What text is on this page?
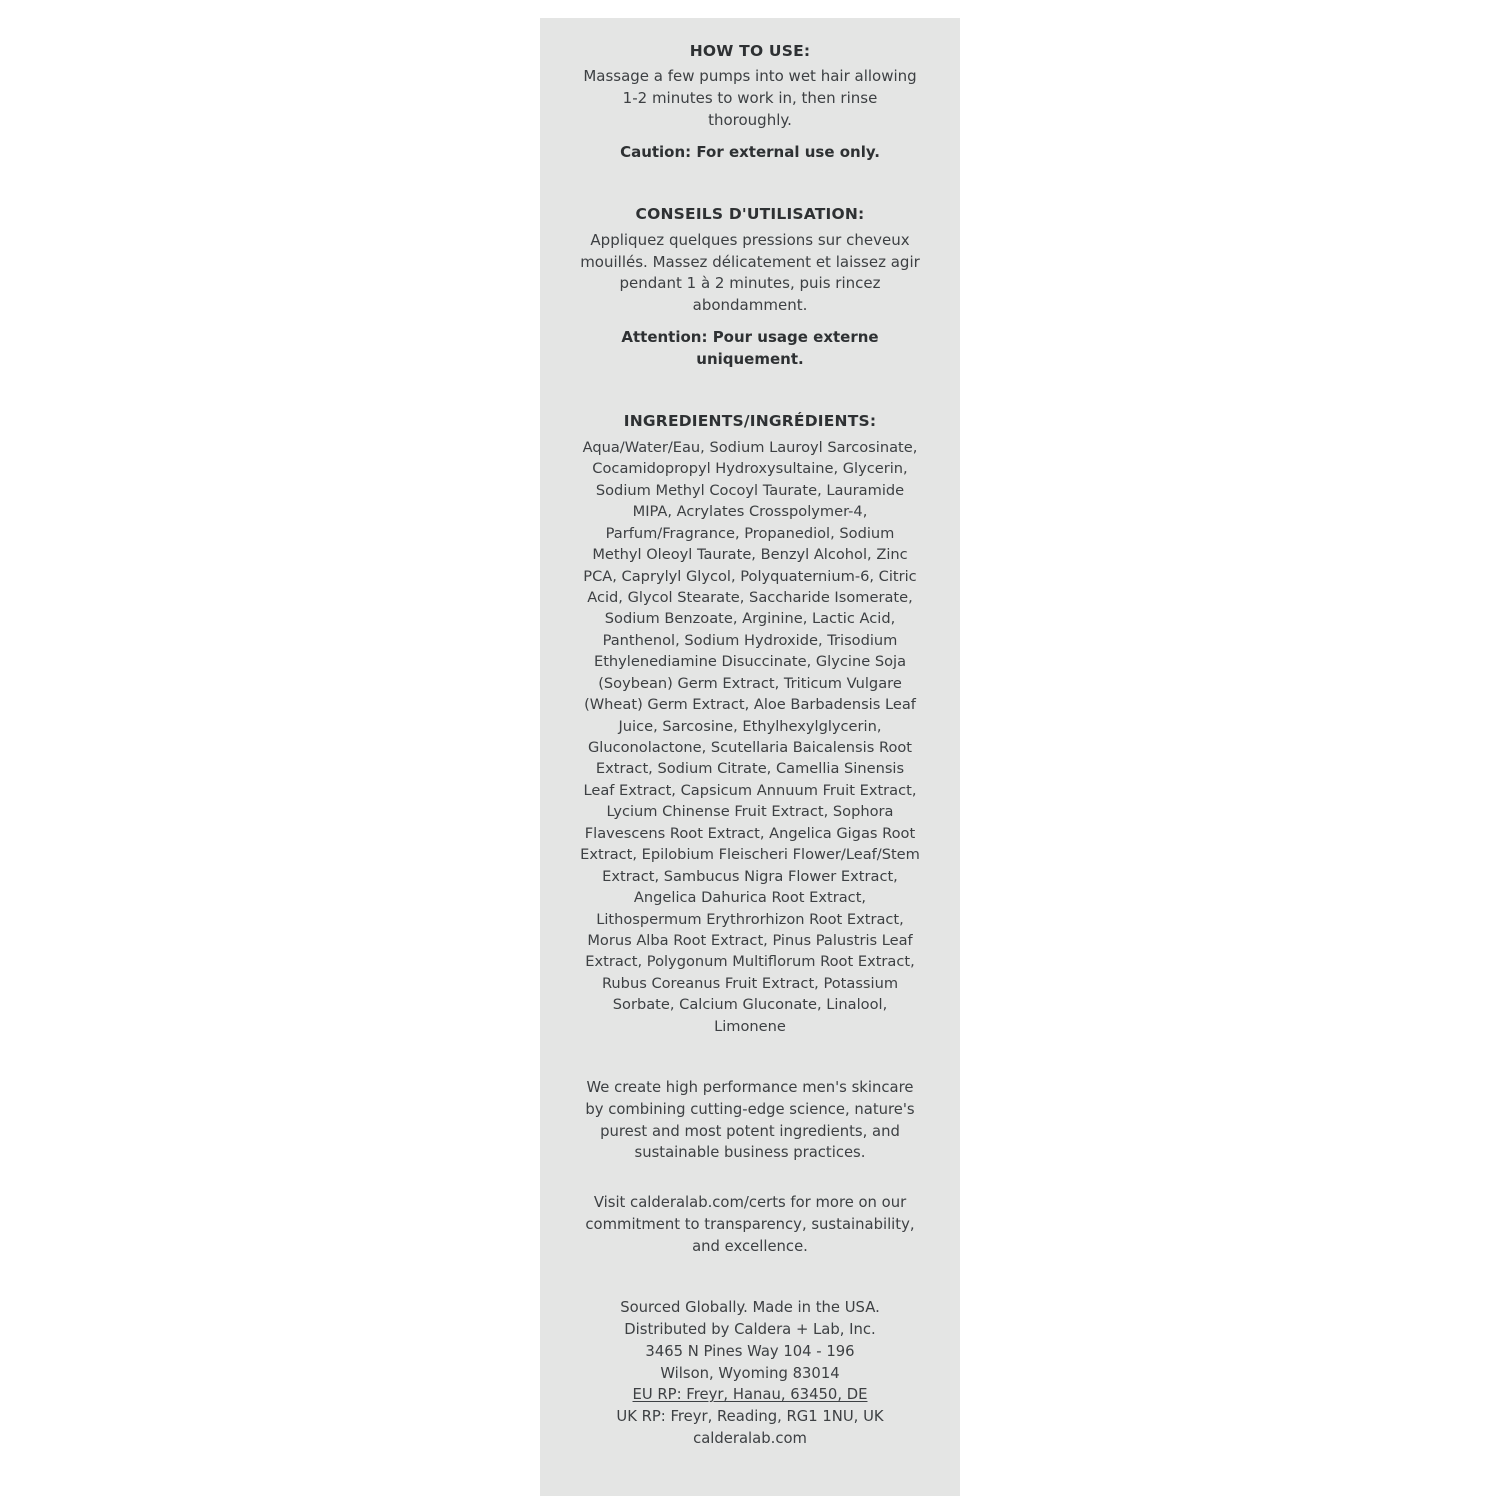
HOW TO USE:

Massage a few pumps into wet hair allowing 1-2 minutes to work in, then rinse thoroughly.

Caution: For external use only.

CONSEILS D'UTILISATION:

Appliquez quelques pressions sur cheveux mouillés. Massez délicatement et laissez agir pendant 1 à 2 minutes, puis rincez abondamment.

Attention: Pour usage externe uniquement.

INGREDIENTS/INGRÉDIENTS:

Aqua/Water/Eau, Sodium Lauroyl Sarcosinate, Cocamidopropyl Hydroxysultaine, Glycerin, Sodium Methyl Cocoyl Taurate, Lauramide MIPA, Acrylates Crosspolymer-4, Parfum/Fragrance, Propanediol, Sodium Methyl Oleoyl Taurate, Benzyl Alcohol, Zinc PCA, Caprylyl Glycol, Polyquaternium-6, Citric Acid, Glycol Stearate, Saccharide Isomerate, Sodium Benzoate, Arginine, Lactic Acid, Panthenol, Sodium Hydroxide, Trisodium Ethylenediamine Disuccinate, Glycine Soja (Soybean) Germ Extract, Triticum Vulgare (Wheat) Germ Extract, Aloe Barbadensis Leaf Juice, Sarcosine, Ethylhexylglycerin, Gluconolactone, Scutellaria Baicalensis Root Extract, Sodium Citrate, Camellia Sinensis Leaf Extract, Capsicum Annuum Fruit Extract, Lycium Chinense Fruit Extract, Sophora Flavescens Root Extract, Angelica Gigas Root Extract, Epilobium Fleischeri Flower/Leaf/Stem Extract, Sambucus Nigra Flower Extract, Angelica Dahurica Root Extract, Lithospermum Erythrorhizon Root Extract, Morus Alba Root Extract, Pinus Palustris Leaf Extract, Polygonum Multiflorum Root Extract, Rubus Coreanus Fruit Extract, Potassium Sorbate, Calcium Gluconate, Linalool, Limonene

We create high performance men's skincare by combining cutting-edge science, nature's purest and most potent ingredients, and sustainable business practices.

Visit calderalab.com/certs for more on our commitment to transparency, sustainability, and excellence.

Sourced Globally. Made in the USA.
Distributed by Caldera + Lab, Inc.
3465 N Pines Way 104 - 196
Wilson, Wyoming 83014
EU RP: Freyr, Hanau, 63450, DE
UK RP: Freyr, Reading, RG1 1NU, UK
calderalab.com
